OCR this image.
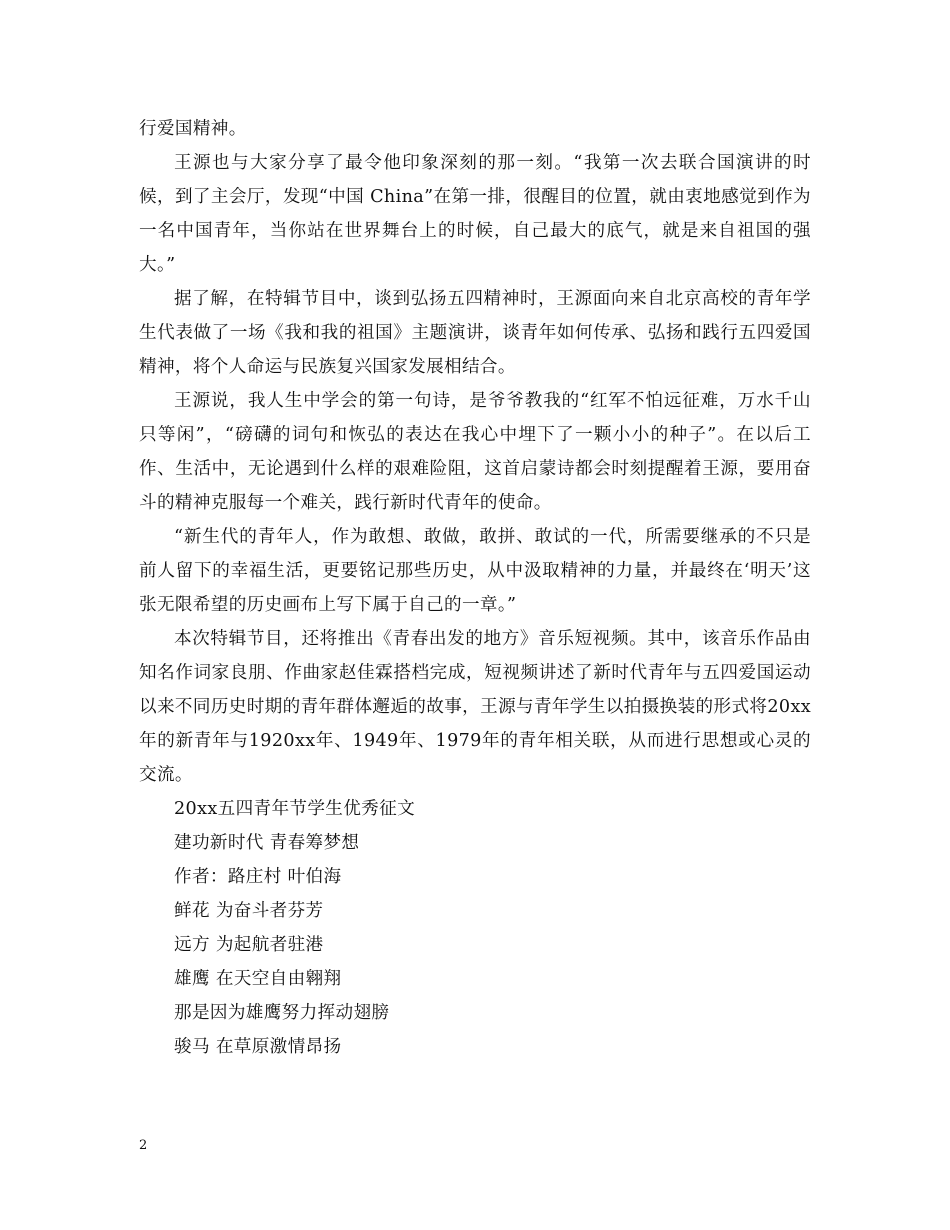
行爱国精神。

王源也与大家分享了最令他印象深刻的那一刻。“我第一次去联合国演讲的时候，到了主会厅，发现“中国 China”在第一排，很醒目的位置，就由衷地感觉到作为一名中国青年，当你站在世界舞台上的时候，自己最大的底气，就是来自祖国的强大。”

据了解，在特辑节目中，谈到弘扬五四精神时，王源面向来自北京高校的青年学生代表做了一场《我和我的祖国》主题演讲，谈青年如何传承、弘扬和践行五四爱国精神，将个人命运与民族复兴国家发展相结合。

王源说，我人生中学会的第一句诗，是爷爷教我的“红军不怕远征难，万水千山只等闲”，“磅礴的词句和恢弘的表达在我心中埋下了一颗小小的种子”。在以后工作、生活中，无论遇到什么样的艰难险阻，这首启蒙诗都会时刻提醒着王源，要用奋斗的精神克服每一个难关，践行新时代青年的使命。

“新生代的青年人，作为敢想、敢做，敢拼、敢试的一代，所需要继承的不只是前人留下的幸福生活，更要铭记那些历史，从中汲取精神的力量，并最终在‘明天’这张无限希望的历史画布上写下属于自己的一章。”

本次特辑节目，还将推出《青春出发的地方》音乐短视频。其中，该音乐作品由知名作词家良朋、作曲家赵佳霖搭档完成，短视频讲述了新时代青年与五四爱国运动以来不同历史时期的青年群体邂逅的故事，王源与青年学生以拍摄换装的形式将20xx年的新青年与1920xx年、1949年、1979年的青年相关联，从而进行思想或心灵的交流。

20xx五四青年节学生优秀征文

建功新时代 青春筹梦想

作者：路庄村 叶伯海

鲜花 为奋斗者芬芳

远方 为起航者驻港

雄鹰 在天空自由翱翔

那是因为雄鹰努力挥动翅膀

骏马 在草原激情昂扬

2
